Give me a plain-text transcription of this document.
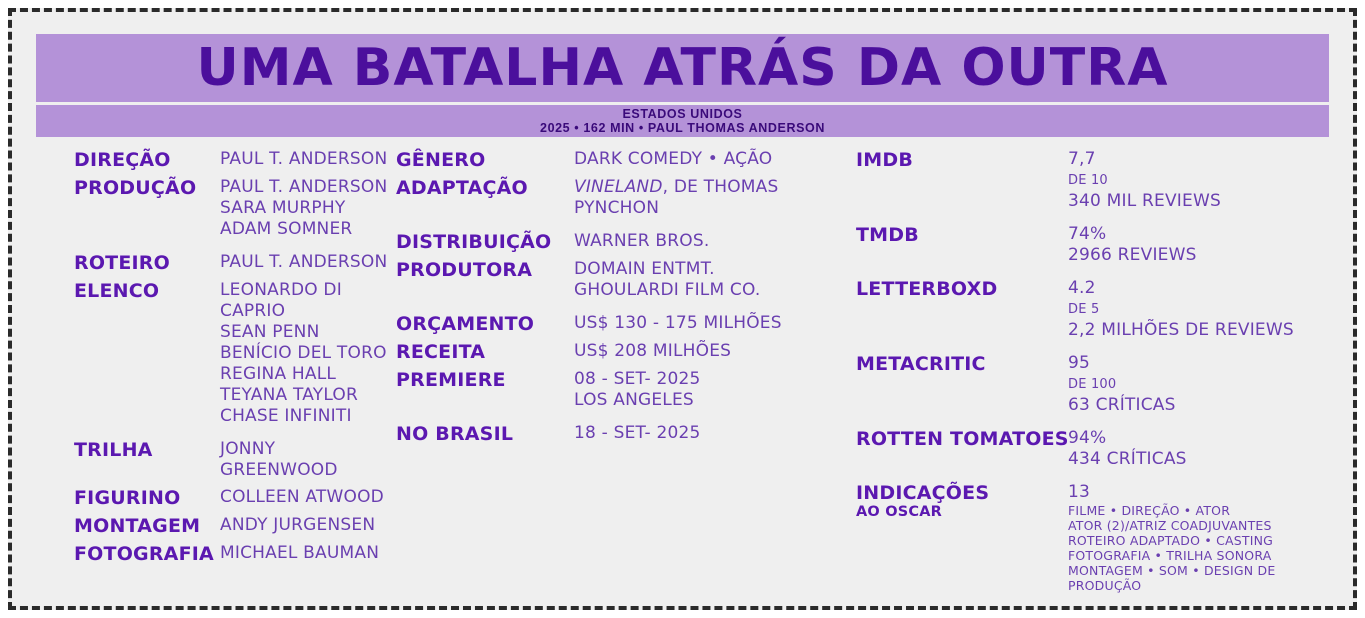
UMA BATALHA ATRÁS DA OUTRA
ESTADOS UNIDOS
2025 • 162 MIN • PAUL THOMAS ANDERSON
DIREÇÃO	PAUL T. ANDERSON
PRODUÇÃO	PAUL T. ANDERSON
SARA MURPHY
ADAM SOMNER
ROTEIRO	PAUL T. ANDERSON
ELENCO	LEONARDO DI CAPRIO
SEAN PENN
BENÍCIO DEL TORO
REGINA HALL
TEYANA TAYLOR
CHASE INFINITI
TRILHA	JONNY GREENWOOD
FIGURINO	COLLEEN ATWOOD
MONTAGEM	ANDY JURGENSEN
FOTOGRAFIA MICHAEL BAUMAN
GÊNERO	DARK COMEDY • AÇÃO
ADAPTAÇÃO	VINELAND, DE THOMAS PYNCHON
DISTRIBUIÇÃO	WARNER BROS.
PRODUTORA	DOMAIN ENTMT.
GHOULARDI FILM CO.
ORÇAMENTO	US$ 130 - 175 MILHÕES
RECEITA	US$ 208 MILHÕES
PREMIERE	08 - SET- 2025
LOS ANGELES
NO BRASIL	18 - SET- 2025
IMDB	7,7
DE 10
340 MIL REVIEWS
TMDB	74%
2966 REVIEWS
LETTERBOXD	4.2
DE 5
2,2 MILHÕES DE REVIEWS
METACRITIC	95
DE 100
63 CRÍTICAS
ROTTEN TOMATOES 94%
434 CRÍTICAS
INDICAÇÕES
AO OSCAR
13
FILME • DIREÇÃO • ATOR
ATOR (2)/ATRIZ COADJUVANTES
ROTEIRO ADAPTADO • CASTING
FOTOGRAFIA • TRILHA SONORA
MONTAGEM • SOM • DESIGN DE
PRODUÇÃO
